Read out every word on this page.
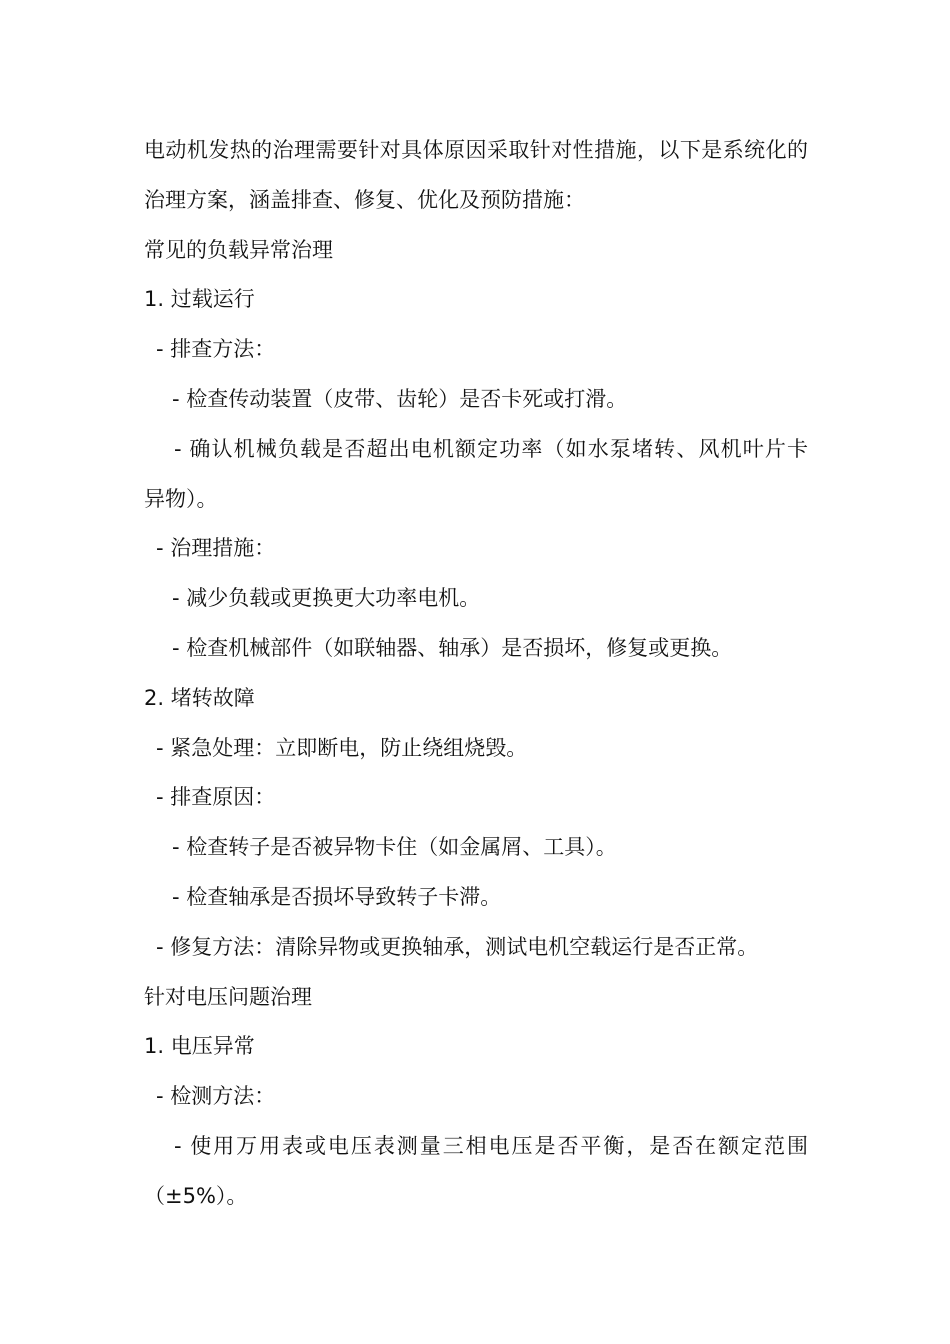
电动机发热的治理需要针对具体原因采取针对性措施，以下是系统化的
治理方案，涵盖排查、修复、优化及预防措施：
常见的负载异常治理
1. 过载运行
- 排查方法：
- 检查传动装置（皮带、齿轮）是否卡死或打滑。
- 确认机械负载是否超出电机额定功率（如水泵堵转、风机叶片卡
异物）。
- 治理措施：
- 减少负载或更换更大功率电机。
- 检查机械部件（如联轴器、轴承）是否损坏，修复或更换。
2. 堵转故障
- 紧急处理：立即断电，防止绕组烧毁。
- 排查原因：
- 检查转子是否被异物卡住（如金属屑、工具）。
- 检查轴承是否损坏导致转子卡滞。
- 修复方法：清除异物或更换轴承，测试电机空载运行是否正常。
针对电压问题治理
1. 电压异常
- 检测方法：
- 使用万用表或电压表测量三相电压是否平衡，是否在额定范围
（±5%）。
